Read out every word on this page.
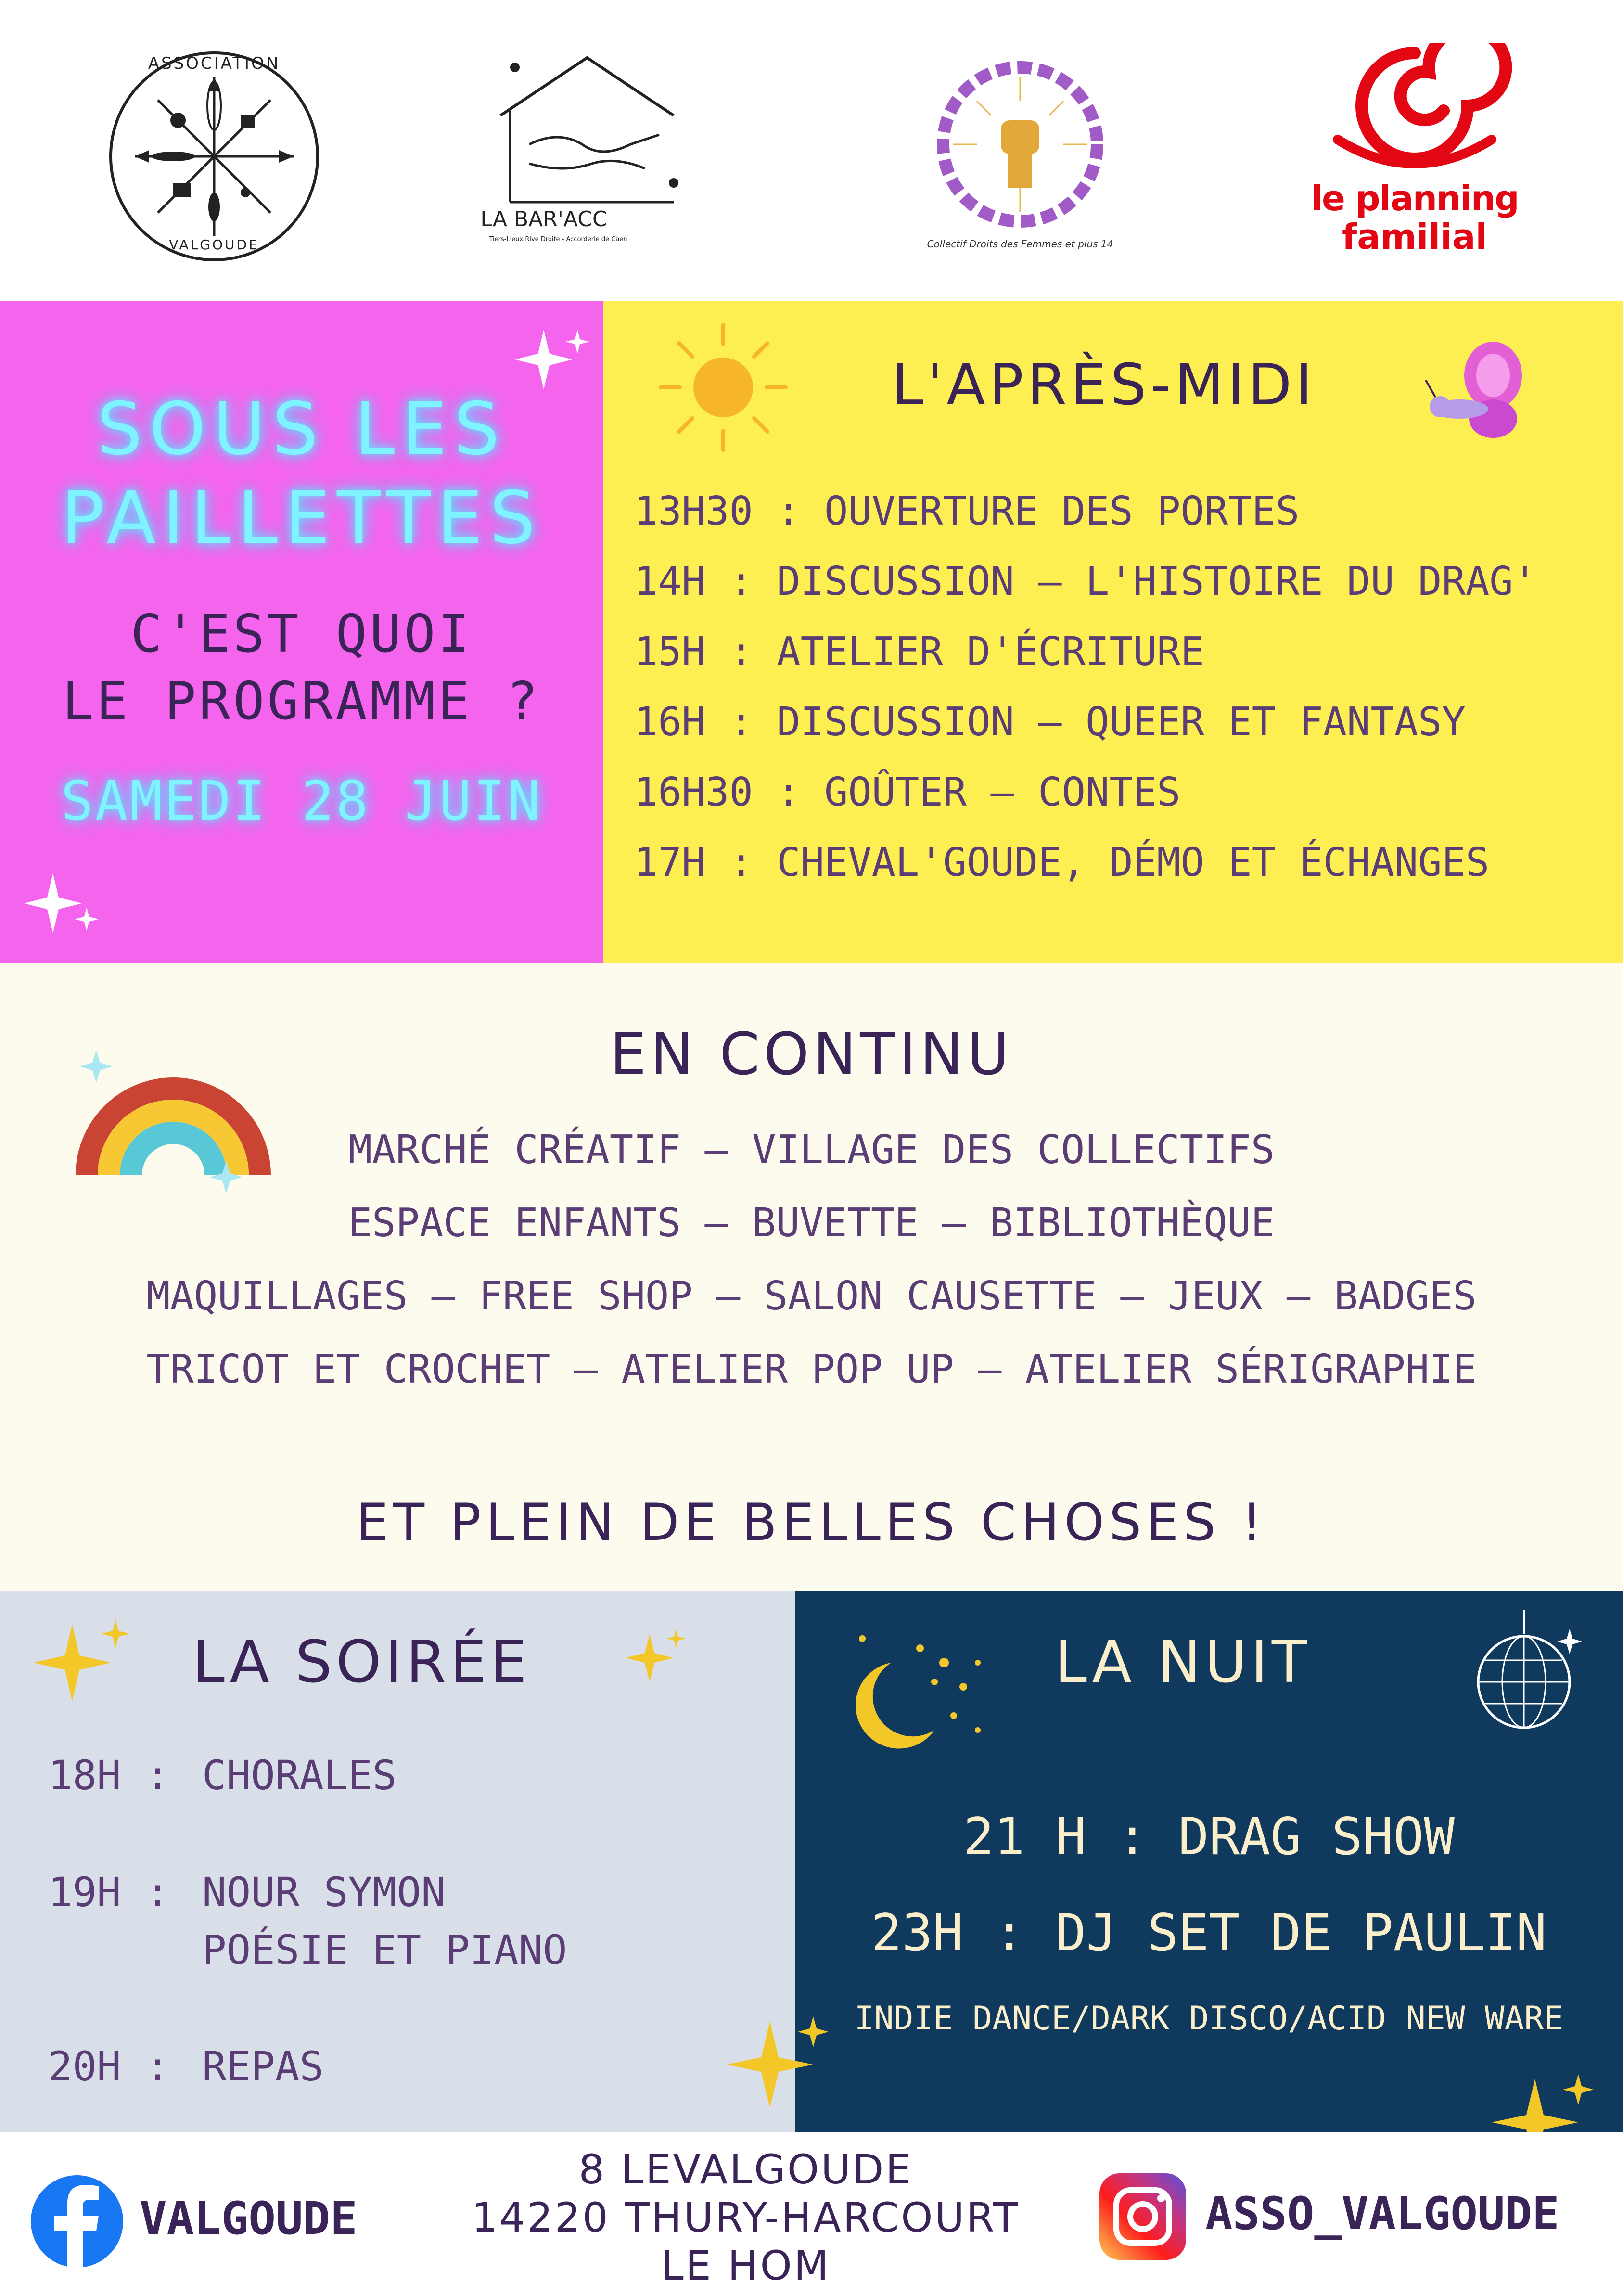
ASSOCIATION
VALGOUDE
LA BAR'ACC
Tiers-Lieux Rive Droite - Accorderie de Caen	Collectif Droits des Femmes et plus 14
le planning
familial
SOUS LES
PAILLETTES
C'EST QUOI
LE PROGRAMME ?
SAMEDI 28 JUIN
L'APRÈS-MIDI
13H30 : OUVERTURE DES PORTES
14H : DISCUSSION – L'HISTOIRE DU DRAG'
15H : ATELIER D'ÉCRITURE
16H : DISCUSSION – QUEER ET FANTASY
16H30 : GOÛTER – CONTES
17H : CHEVAL'GOUDE, DÉMO ET ÉCHANGES
EN CONTINU
MARCHÉ CRÉATIF – VILLAGE DES COLLECTIFS
ESPACE ENFANTS – BUVETTE – BIBLIOTHÈQUE
MAQUILLAGES – FREE SHOP – SALON CAUSETTE – JEUX – BADGES
TRICOT ET CROCHET – ATELIER POP UP – ATELIER SÉRIGRAPHIE
ET PLEIN DE BELLES CHOSES !
LA SOIRÉE
18H : CHORALES
19H : NOUR SYMON
POÉSIE ET PIANO
20H : REPAS
LA NUIT
21 H : DRAG SHOW
23H : DJ SET DE PAULIN
INDIE DANCE/DARK DISCO/ACID NEW WARE
VALGOUDE
8 LEVALGOUDE
14220 THURY-HARCOURT
LE HOM
ASSO_VALGOUDE
